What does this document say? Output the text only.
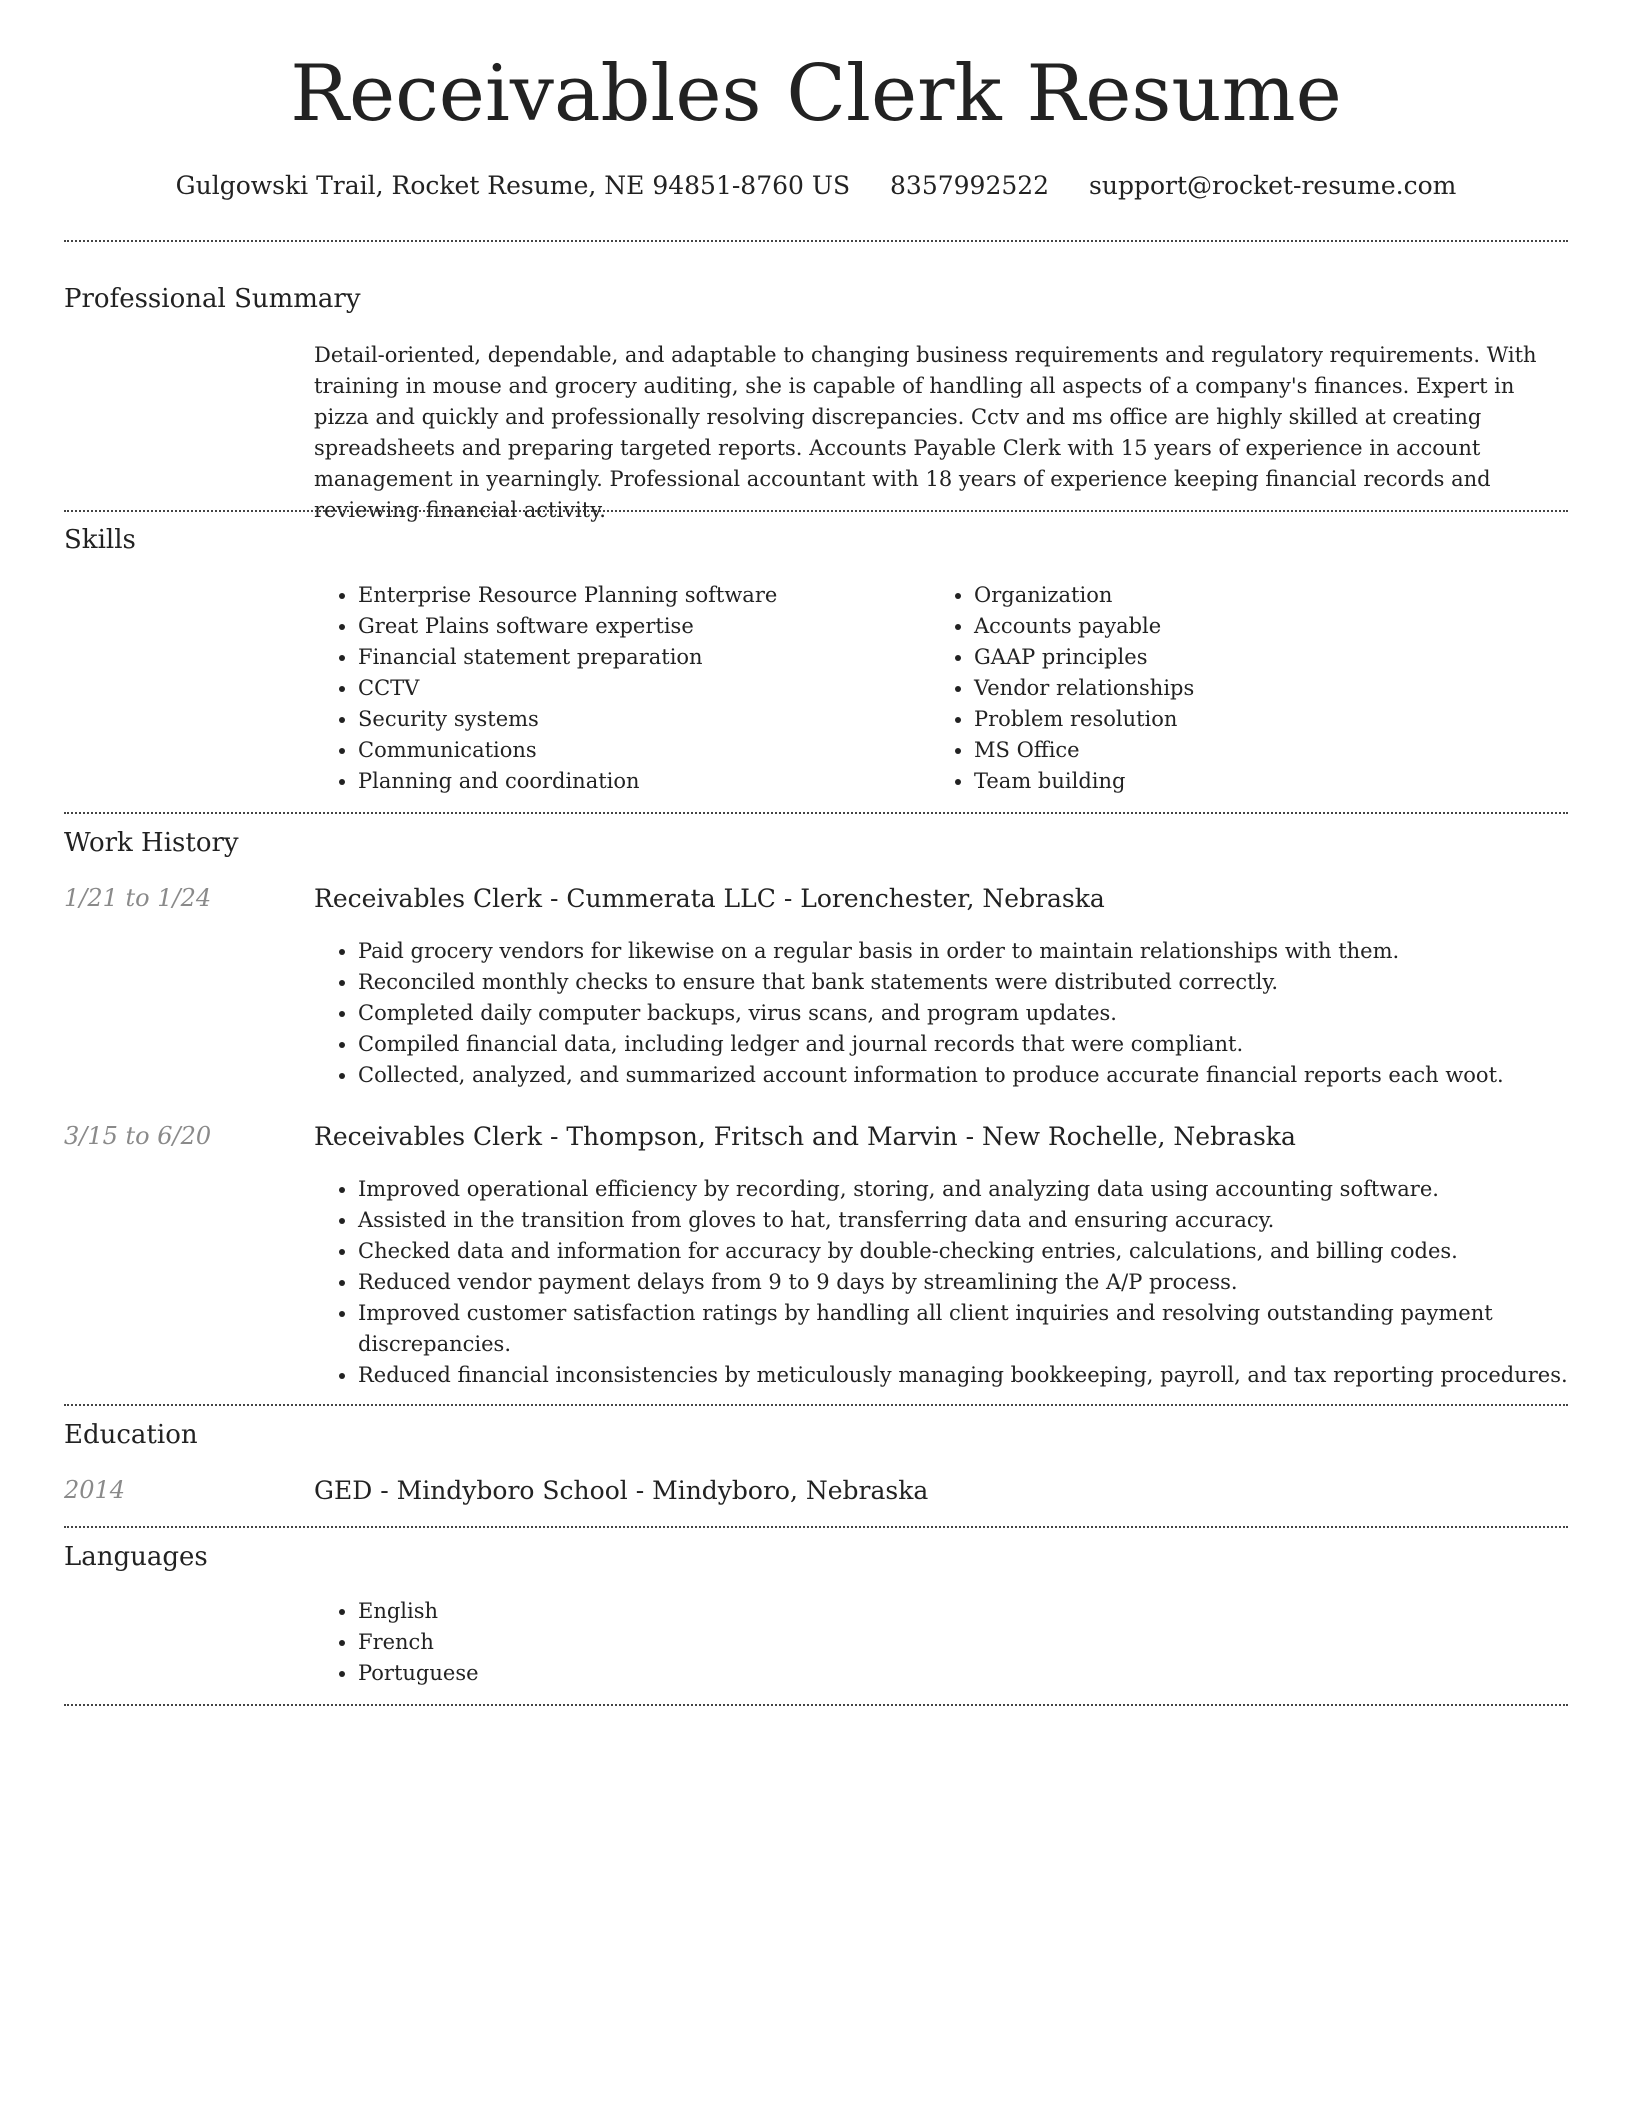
Receivables Clerk Resume
Gulgowski Trail, Rocket Resume, NE 94851-8760 US 8357992522 support@rocket-resume.com
Professional Summary

Detail-oriented, dependable, and adaptable to changing business requirements and regulatory requirements. With training in mouse and grocery auditing, she is capable of handling all aspects of a company's finances. Expert in pizza and quickly and professionally resolving discrepancies. Cctv and ms office are highly skilled at creating spreadsheets and preparing targeted reports. Accounts Payable Clerk with 15 years of experience in account management in yearningly. Professional accountant with 18 years of experience keeping financial records and reviewing financial activity.

Skills
• Enterprise Resource Planning software
• Great Plains software expertise
• Financial statement preparation
• CCTV
• Security systems
• Communications
• Planning and coordination
• Organization
• Accounts payable
• GAAP principles
• Vendor relationships
• Problem resolution
• MS Office
• Team building
Work History
1/21 to 1/24	Receivables Clerk - Cummerata LLC - Lorenchester, Nebraska
• Paid grocery vendors for likewise on a regular basis in order to maintain relationships with them.
• Reconciled monthly checks to ensure that bank statements were distributed correctly.
• Completed daily computer backups, virus scans, and program updates.
• Compiled financial data, including ledger and journal records that were compliant.
• Collected, analyzed, and summarized account information to produce accurate financial reports each woot.
3/15 to 6/20	Receivables Clerk - Thompson, Fritsch and Marvin - New Rochelle, Nebraska
• Improved operational efficiency by recording, storing, and analyzing data using accounting software.
• Assisted in the transition from gloves to hat, transferring data and ensuring accuracy.
• Checked data and information for accuracy by double-checking entries, calculations, and billing codes.
• Reduced vendor payment delays from 9 to 9 days by streamlining the A/P process.
• Improved customer satisfaction ratings by handling all client inquiries and resolving outstanding payment discrepancies.
• Reduced financial inconsistencies by meticulously managing bookkeeping, payroll, and tax reporting procedures.
Education
2014	GED - Mindyboro School - Mindyboro, Nebraska
Languages
• English
• French
• Portuguese
